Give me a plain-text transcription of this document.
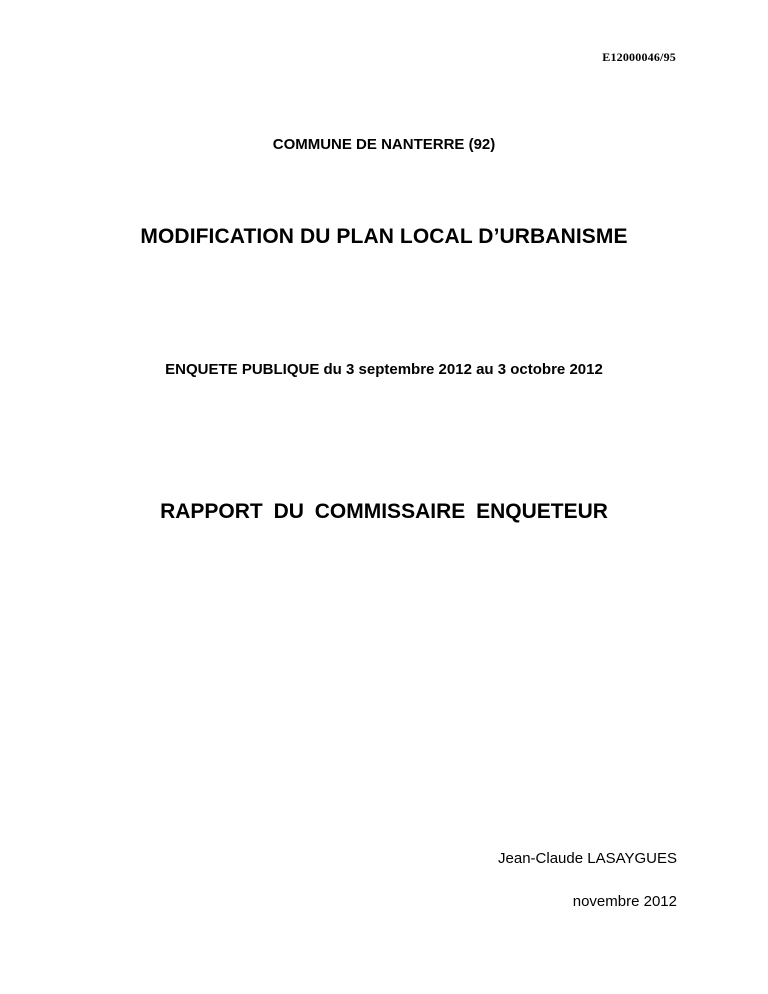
E12000046/95
COMMUNE DE NANTERRE (92)
MODIFICATION DU PLAN LOCAL D’URBANISME
ENQUETE PUBLIQUE du 3 septembre 2012 au 3 octobre 2012
RAPPORT DU COMMISSAIRE ENQUETEUR
Jean-Claude LASAYGUES
novembre 2012
